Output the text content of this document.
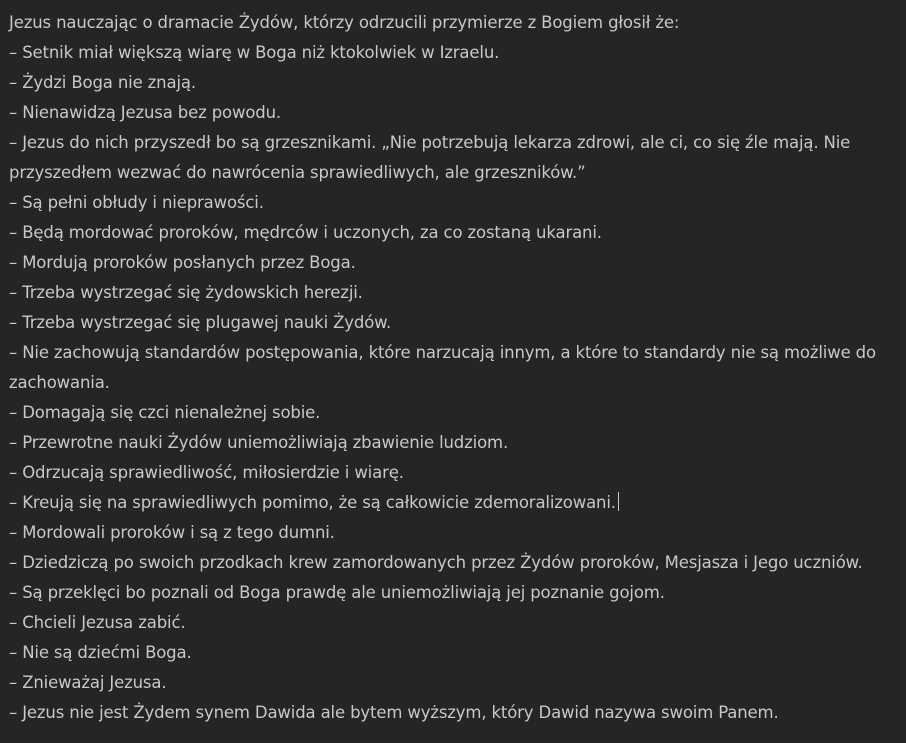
Jezus nauczając o dramacie Żydów, którzy odrzucili przymierze z Bogiem głosił że:
– Setnik miał większą wiarę w Boga niż ktokolwiek w Izraelu.
– Żydzi Boga nie znają.
– Nienawidzą Jezusa bez powodu.
– Jezus do nich przyszedł bo są grzesznikami. „Nie potrzebują lekarza zdrowi, ale ci, co się źle mają. Nie przyszedłem wezwać do nawrócenia sprawiedliwych, ale grzeszników.”
– Są pełni obłudy i nieprawości.
– Będą mordować proroków, mędrców i uczonych, za co zostaną ukarani.
– Mordują proroków posłanych przez Boga.
– Trzeba wystrzegać się żydowskich herezji.
– Trzeba wystrzegać się plugawej nauki Żydów.
– Nie zachowują standardów postępowania, które narzucają innym, a które to standardy nie są możliwe do zachowania.
– Domagają się czci nienależnej sobie.
– Przewrotne nauki Żydów uniemożliwiają zbawienie ludziom.
– Odrzucają sprawiedliwość, miłosierdzie i wiarę.
– Kreują się na sprawiedliwych pomimo, że są całkowicie zdemoralizowani.
– Mordowali proroków i są z tego dumni.
– Dziedziczą po swoich przodkach krew zamordowanych przez Żydów proroków, Mesjasza i Jego uczniów.
– Są przeklęci bo poznali od Boga prawdę ale uniemożliwiają jej poznanie gojom.
– Chcieli Jezusa zabić.
– Nie są dziećmi Boga.
– Znieważaj Jezusa.
– Jezus nie jest Żydem synem Dawida ale bytem wyższym, który Dawid nazywa swoim Panem.
